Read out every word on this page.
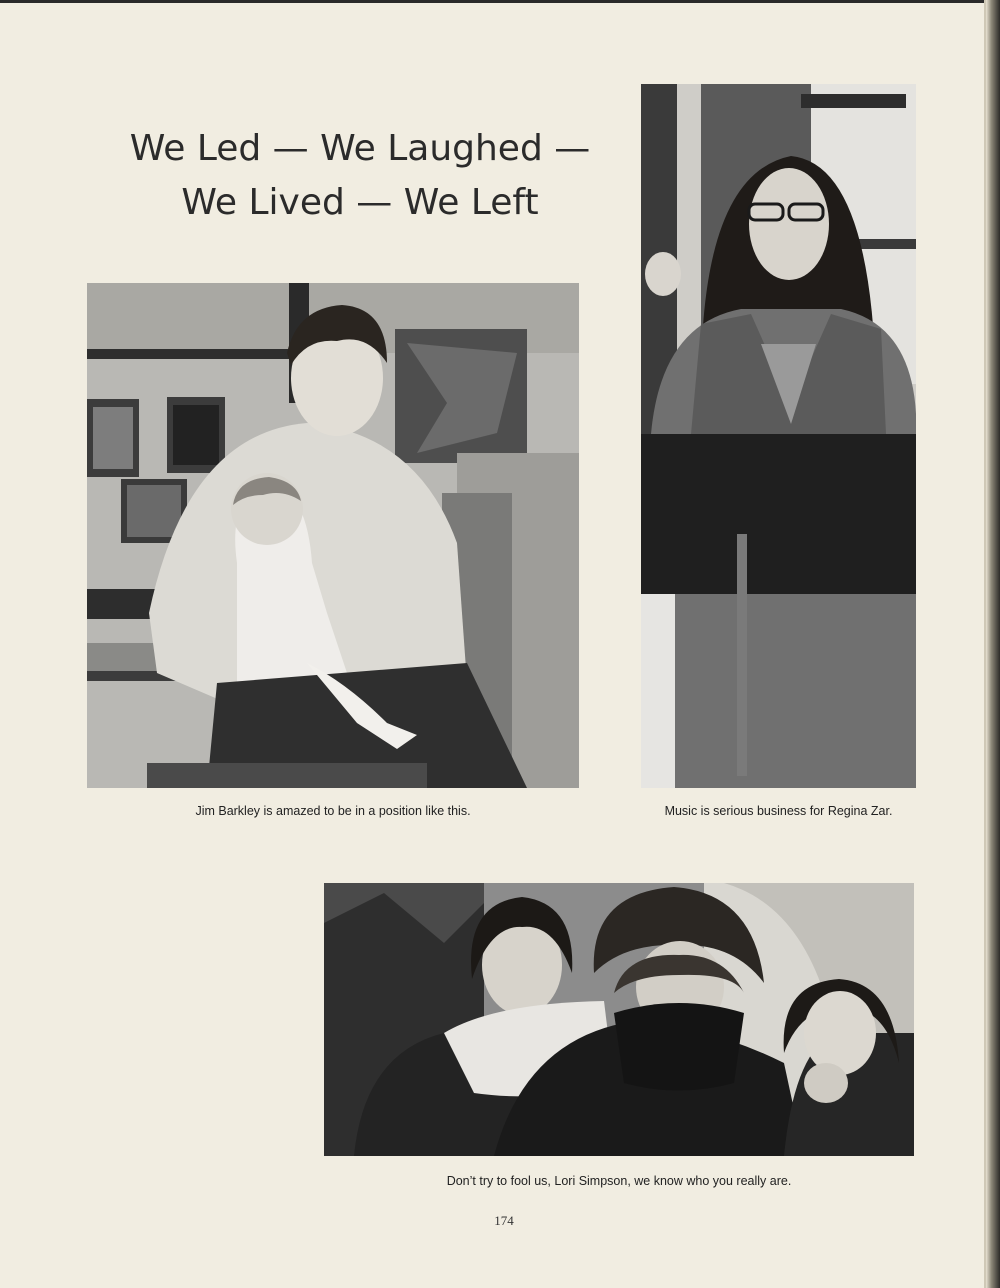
We Led — We Laughed —
We Lived — We Left
Jim Barkley is amazed to be in a position like this.	Music is serious business for Regina Zar.
Don’t try to fool us, Lori Simpson, we know who you really are.
174
